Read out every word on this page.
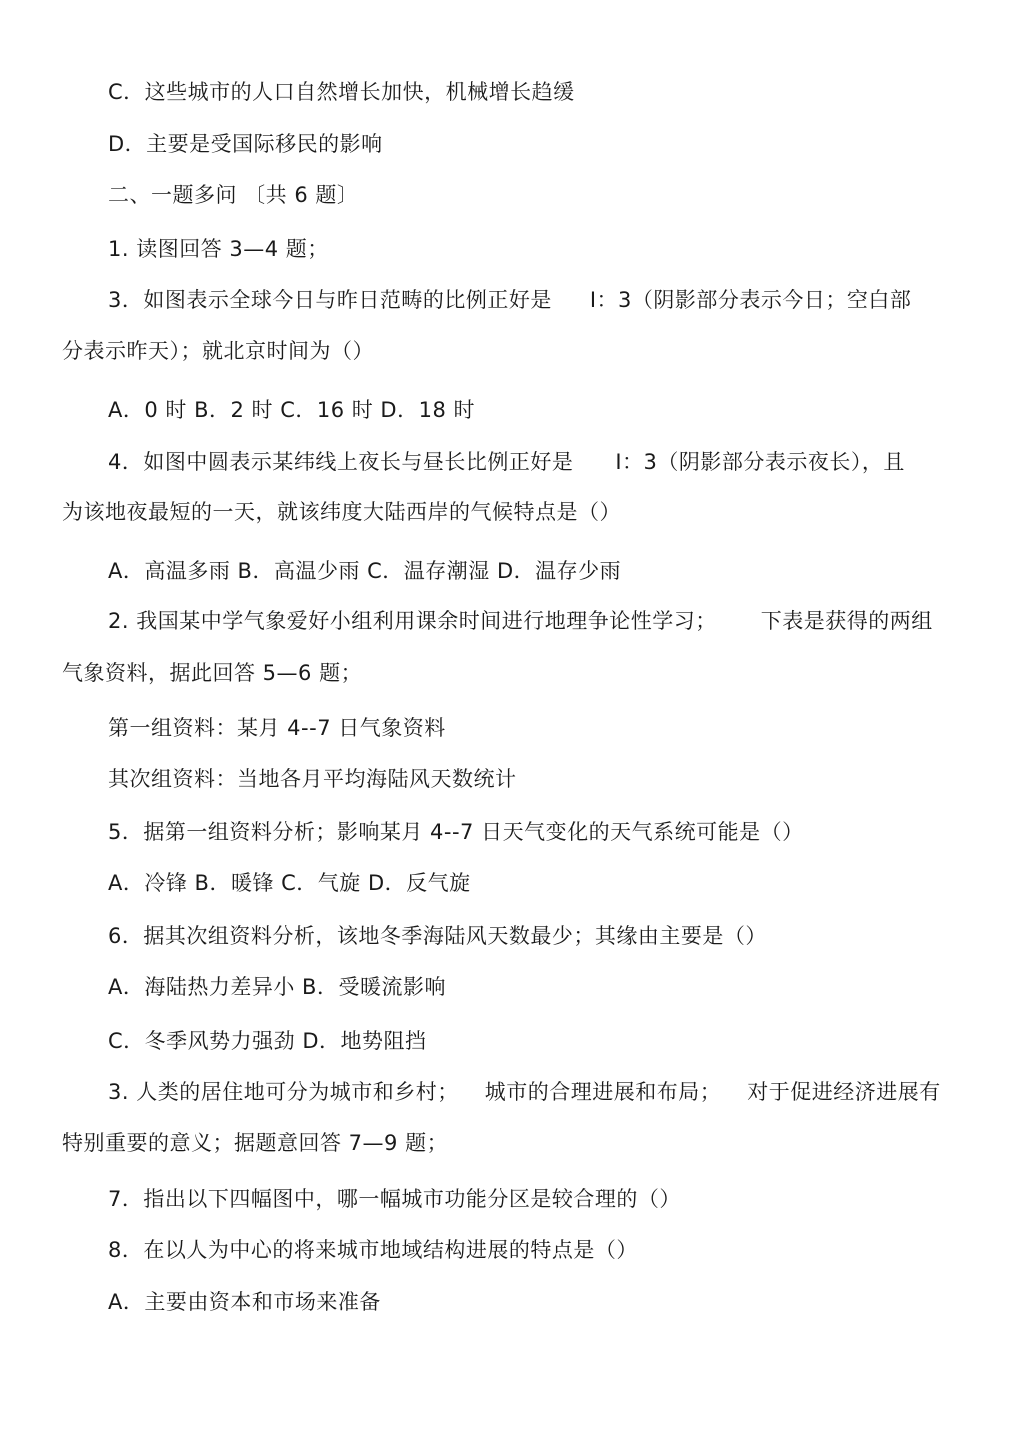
C．这些城市的人口自然增长加快，机械增长趋缓
D．主要是受国际移民的影响
二、一题多问 〔共 6 题〕
1. 读图回答 3—4 题；
3．如图表示全球今日与昨日范畴的比例正好是 I：3（阴影部分表示今日；空白部
分表示昨天）；就北京时间为（）
A．0 时 B．2 时 C．16 时 D．18 时
4．如图中圆表示某纬线上夜长与昼长比例正好是 I：3（阴影部分表示夜长），且
为该地夜最短的一天，就该纬度大陆西岸的气候特点是（）
A．高温多雨 B．高温少雨 C．温存潮湿 D．温存少雨
2. 我国某中学气象爱好小组利用课余时间进行地理争论性学习； 下表是获得的两组
气象资料，据此回答 5—6 题；
第一组资料：某月 4--7 日气象资料
其次组资料：当地各月平均海陆风天数统计
5．据第一组资料分析；影响某月 4--7 日天气变化的天气系统可能是（）
A．冷锋 B．暖锋 C．气旋 D．反气旋
6．据其次组资料分析，该地冬季海陆风天数最少；其缘由主要是（）
A．海陆热力差异小 B．受暖流影响
C．冬季风势力强劲 D．地势阻挡
3. 人类的居住地可分为城市和乡村； 城市的合理进展和布局； 对于促进经济进展有
特别重要的意义；据题意回答 7—9 题；
7．指出以下四幅图中，哪一幅城市功能分区是较合理的（）
8．在以人为中心的将来城市地域结构进展的特点是（）
A．主要由资本和市场来准备
